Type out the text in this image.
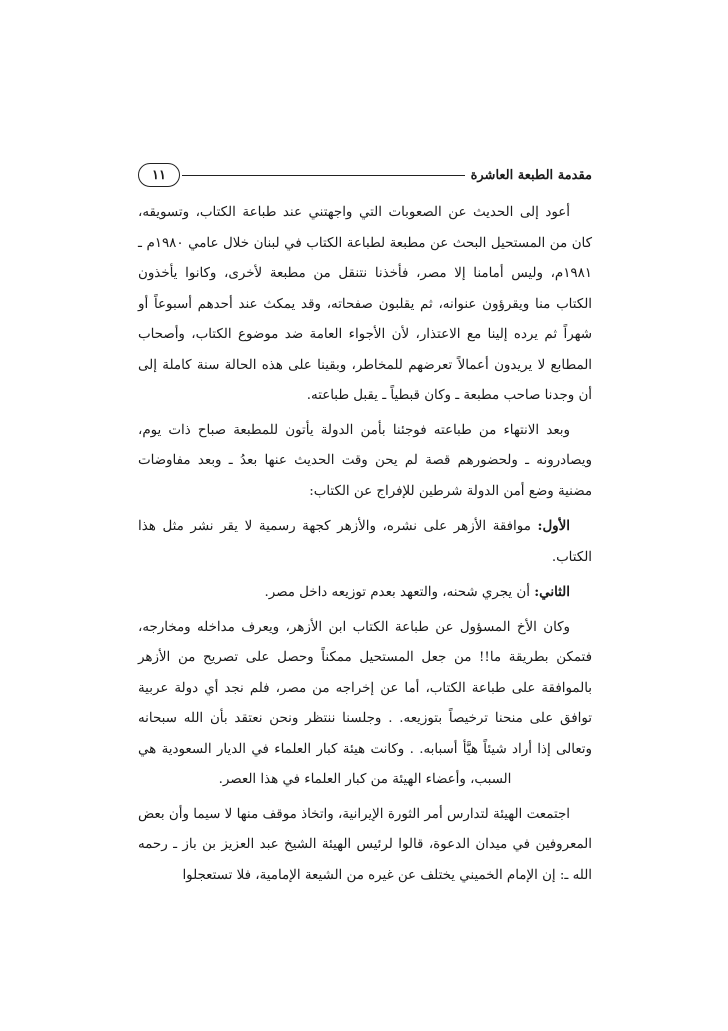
مقدمة الطبعة العاشرة
١١

أعود إلى الحديث عن الصعوبات التي واجهتني عند طباعة الكتاب، وتسويقه، كان من المستحيل البحث عن مطبعة لطباعة الكتاب في لبنان خلال عامي ١٩٨٠م ـ ١٩٨١م، وليس أمامنا إلا مصر، فأخذنا نتنقل من مطبعة لأخرى، وكانوا يأخذون الكتاب منا ويقرؤون عنوانه، ثم يقلبون صفحاته، وقد يمكث عند أحدهم أسبوعاً أو شهراً ثم يرده إلينا مع الاعتذار، لأن الأجواء العامة ضد موضوع الكتاب، وأصحاب المطابع لا يريدون أعمالاً تعرضهم للمخاطر، وبقينا على هذه الحالة سنة كاملة إلى أن وجدنا صاحب مطبعة ـ وكان قبطياً ـ يقبل طباعته.

وبعد الانتهاء من طباعته فوجئنا بأمن الدولة يأتون للمطبعة صباح ذات يوم، ويصادرونه ـ ولحضورهم قصة لم يحن وقت الحديث عنها بعدُ ـ وبعد مفاوضات مضنية وضع أمن الدولة شرطين للإفراج عن الكتاب:

الأول: موافقة الأزهر على نشره، والأزهر كجهة رسمية لا يقر نشر مثل هذا الكتاب.

الثاني: أن يجري شحنه، والتعهد بعدم توزيعه داخل مصر.

وكان الأخ المسؤول عن طباعة الكتاب ابن الأزهر، ويعرف مداخله ومخارجه، فتمكن بطريقة ما!! من جعل المستحيل ممكناً وحصل على تصريح من الأزهر بالموافقة على طباعة الكتاب، أما عن إخراجه من مصر، فلم نجد أي دولة عربية توافق على منحنا ترخيصاً بتوزيعه. . وجلسنا ننتظر ونحن نعتقد بأن الله سبحانه وتعالى إذا أراد شيئاً هيَّأ أسبابه. . وكانت هيئة كبار العلماء في الديار السعودية هي السبب، وأعضاء الهيئة من كبار العلماء في هذا العصر.

اجتمعت الهيئة لتدارس أمر الثورة الإيرانية، واتخاذ موقف منها لا سيما وأن بعض المعروفين في ميدان الدعوة، قالوا لرئيس الهيئة الشيخ عبد العزيز بن باز ـ رحمه الله ـ: إن الإمام الخميني يختلف عن غيره من الشيعة الإمامية، فلا تستعجلوا
